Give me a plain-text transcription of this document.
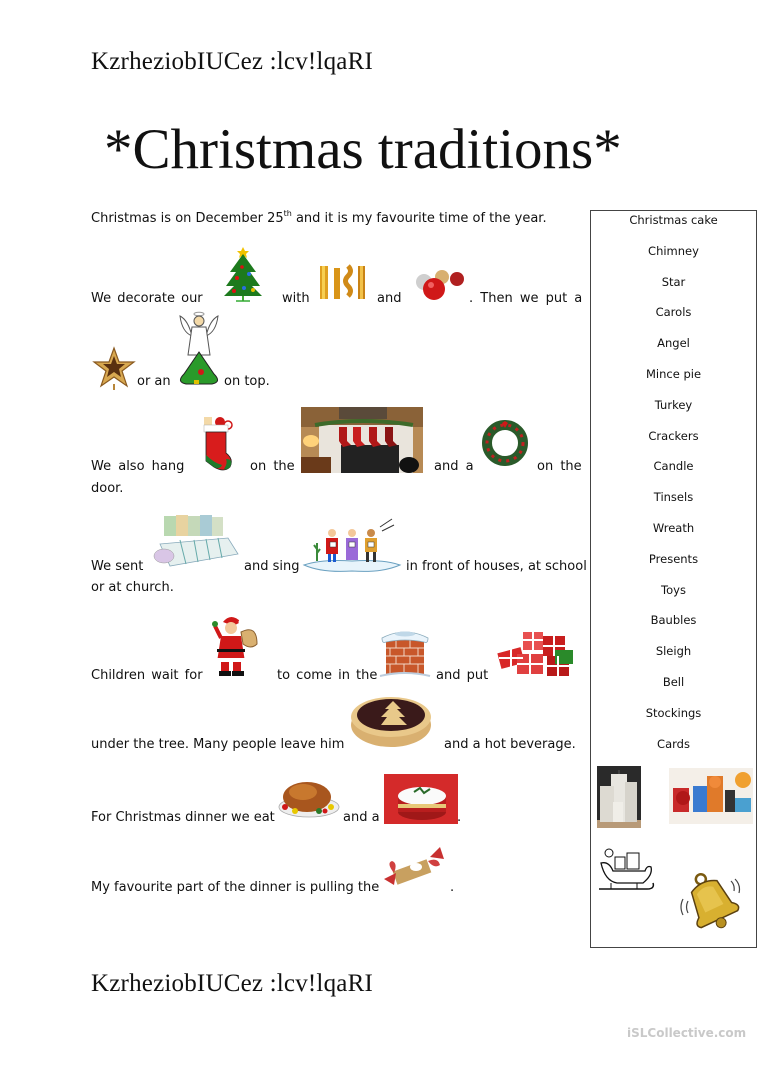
KzrheziobIUCez :lcv!lqaRI
*Christmas traditions*
Christmas is on December 25th and it is my favourite time of the year.
We decorate our	with	and	. Then we put a
or an	on top.
We also hang	on the	and a	on the
door.
We sent	and sing	in front of houses, at school
or at church.
Children wait for	to come in the	and put
under the tree. Many people leave him	and a hot beverage.
For Christmas dinner we eat	and a	.
My favourite part of the dinner is pulling the	.
Christmas cake
Chimney
Star
Carols
Angel
Mince pie
Turkey
Crackers
Candle
Tinsels
Wreath
Presents
Toys
Baubles
Sleigh
Bell
Stockings
Cards
KzrheziobIUCez :lcv!lqaRI
iSLCollective.com
